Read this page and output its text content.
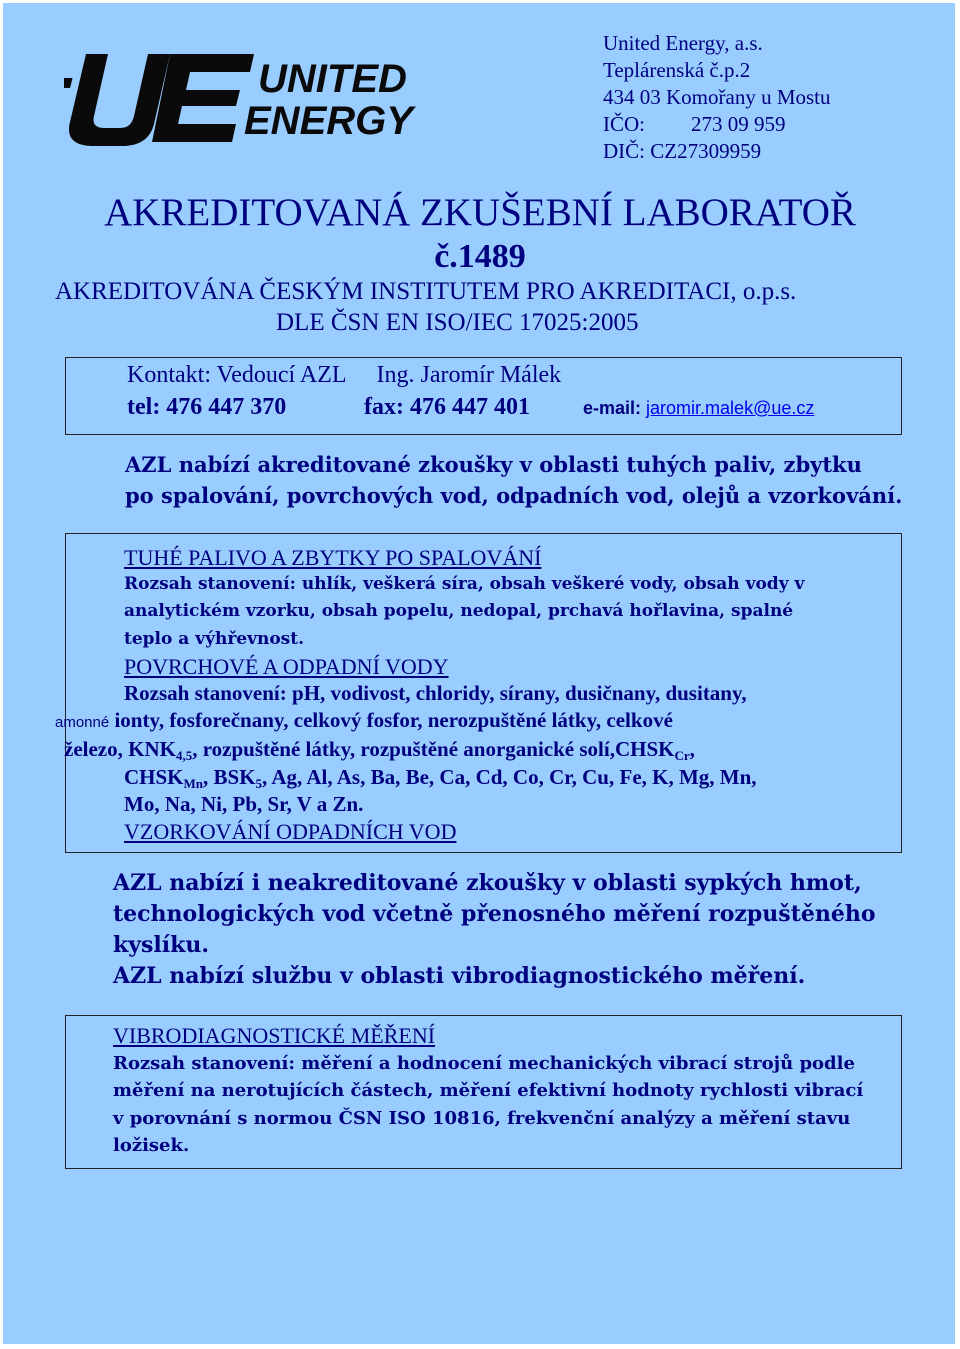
UNITED
ENERGY
United Energy, a.s.
Teplárenská č.p.2
434 03 Komořany u Mostu
IČO: 273 09 959
DIČ: CZ27309959
AKREDITOVANÁ ZKUŠEBNÍ LABORATOŘ
č.1489
AKREDITOVÁNA ČESKÝM INSTITUTEM PRO AKREDITACI, o.p.s.
DLE ČSN EN ISO/IEC 17025:2005
Kontakt: Vedoucí AZL Ing. Jaromír Málek
tel: 476 447 370	fax: 476 447 401	e-mail: jaromir.malek@ue.cz
AZL nabízí akreditované zkoušky v oblasti tuhých paliv, zbytku
po spalování, povrchových vod, odpadních vod, olejů a vzorkování.
TUHÉ PALIVO A ZBYTKY PO SPALOVÁNÍ
Rozsah stanovení: uhlík, veškerá síra, obsah veškeré vody, obsah vody v
analytickém vzorku, obsah popelu, nedopal, prchavá hořlavina, spalné
teplo a výhřevnost.
POVRCHOVÉ A ODPADNÍ VODY
Rozsah stanovení: pH, vodivost, chloridy, sírany, dusičnany, dusitany,
amonné ionty, fosforečnany, celkový fosfor, nerozpuštěné látky, celkové
železo, $KNK_{4,5}$, rozpuštěné látky, rozpuštěné anorganické $solí,CHSK_{Cr}$,
$CHSK_{Mn}$, $BSK_5$, Ag, Al, As, Ba, Be, Ca, Cd, Co, Cr, Cu, Fe, K, Mg, Mn,
Mo, Na, Ni, Pb, Sr, V a Zn.
VZORKOVÁNÍ ODPADNÍCH VOD
AZL nabízí i neakreditované zkoušky v oblasti sypkých hmot,
technologických vod včetně přenosného měření rozpuštěného
kyslíku.
AZL nabízí službu v oblasti vibrodiagnostického měření.
VIBRODIAGNOSTICKÉ MĚŘENÍ
Rozsah stanovení: měření a hodnocení mechanických vibrací strojů podle
měření na nerotujících částech, měření efektivní hodnoty rychlosti vibrací
v porovnání s normou ČSN ISO 10816, frekvenční analýzy a měření stavu
ložisek.
